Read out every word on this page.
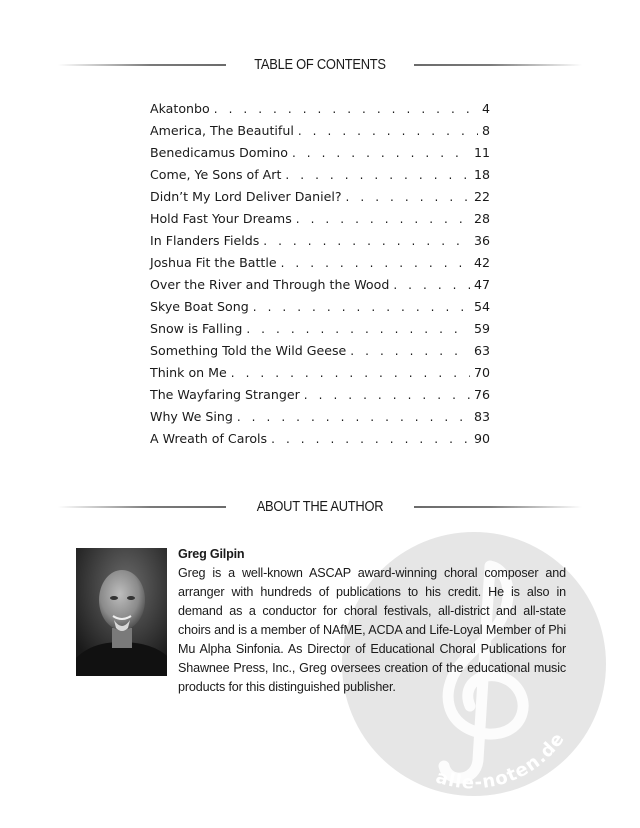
TABLE OF CONTENTS
Akatonbo . . .	4
America, The Beautiful . . .	8
Benedicamus Domino . . .	11
Come, Ye Sons of Art . . .	18
Didn’t My Lord Deliver Daniel? . . .	22
Hold Fast Your Dreams . . .	28
In Flanders Fields . . .	36
Joshua Fit the Battle . . .	42
Over the River and Through the Wood . . .	47
Skye Boat Song . . .	54
Snow is Falling . . .	59
Something Told the Wild Geese . . .	63
Think on Me . . .	70
The Wayfaring Stranger . . .	76
Why We Sing . . .	83
A Wreath of Carols . . .	90
ABOUT THE AUTHOR
alle-noten.de
Greg Gilpin
Greg is a well-known ASCAP award-winning choral composer and arranger with hundreds of publications to his credit. He is also in demand as a conductor for choral festivals, all-district and all-state choirs and is a member of NAfME, ACDA and Life-Loyal Member of Phi Mu Alpha Sinfonia. As Director of Educational Choral Publications for Shawnee Press, Inc., Greg oversees creation of the educational music products for this distinguished publisher.
